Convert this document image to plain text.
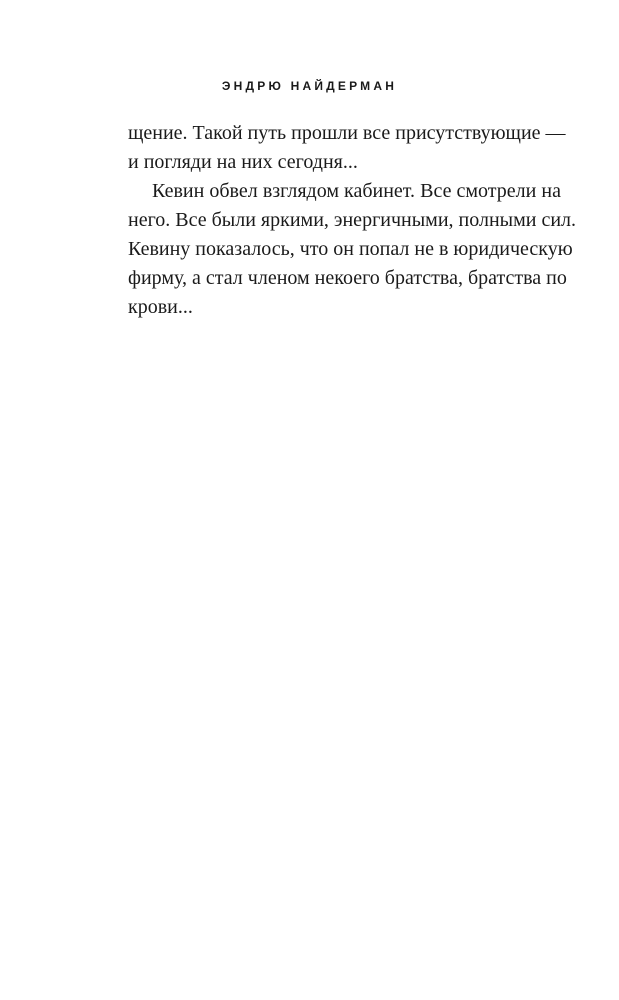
ЭНДРЮ НАЙДЕРМАН
щение. Такой путь прошли все присутствующие —
и погляди на них сегодня...
Кевин обвел взглядом кабинет. Все смотрели на
него. Все были яркими, энергичными, полными сил.
Кевину показалось, что он попал не в юридическую
фирму, а стал членом некоего братства, братства по
крови...
